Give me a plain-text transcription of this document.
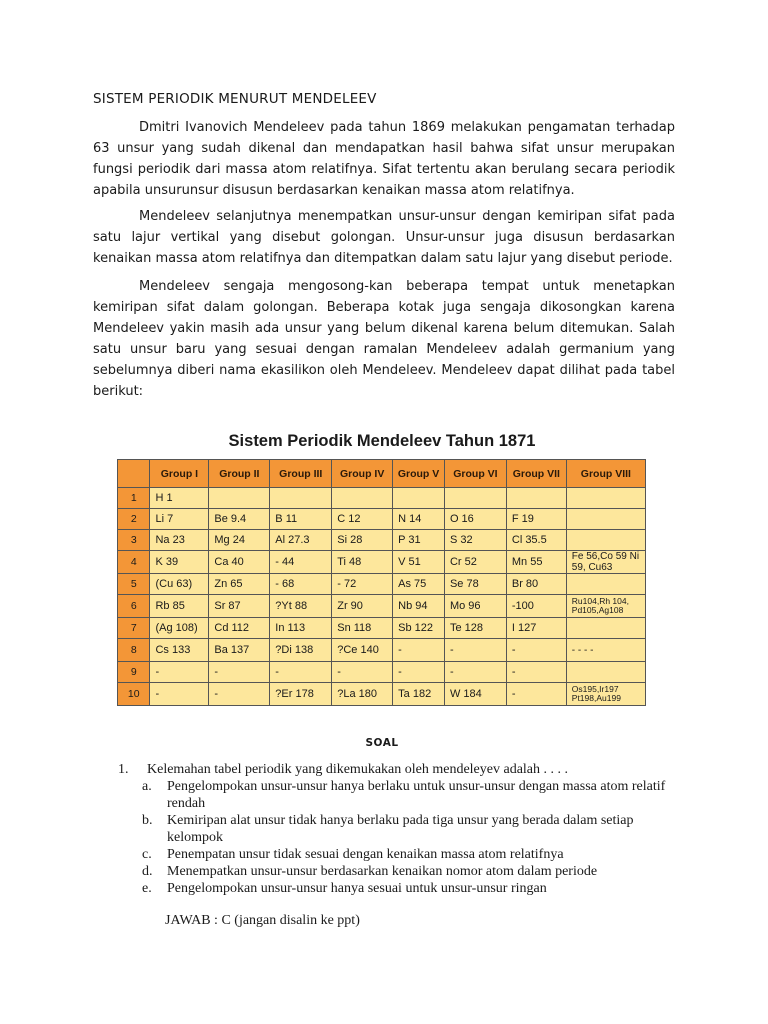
SISTEM PERIODIK MENURUT MENDELEEV

Dmitri Ivanovich Mendeleev pada tahun 1869 melakukan pengamatan terhadap 63 unsur yang sudah dikenal dan mendapatkan hasil bahwa sifat unsur merupakan fungsi periodik dari massa atom relatifnya. Sifat tertentu akan berulang secara periodik apabila unsurunsur disusun berdasarkan kenaikan massa atom relatifnya.

Mendeleev selanjutnya menempatkan unsur-unsur dengan kemiripan sifat pada satu lajur vertikal yang disebut golongan. Unsur-unsur juga disusun berdasarkan kenaikan massa atom relatifnya dan ditempatkan dalam satu lajur yang disebut periode.

Mendeleev sengaja mengosong-kan beberapa tempat untuk menetapkan kemiripan sifat dalam golongan. Beberapa kotak juga sengaja dikosongkan karena Mendeleev yakin masih ada unsur yang belum dikenal karena belum ditemukan. Salah satu unsur baru yang sesuai dengan ramalan Mendeleev adalah germanium yang sebelumnya diberi nama ekasilikon oleh Mendeleev. Mendeleev dapat dilihat pada tabel berikut:

Sistem Periodik Mendeleev Tahun 1871
	Group I	Group II	Group III	Group IV	Group V	Group VI	Group VII	Group VIII
1	H 1							
2	Li 7	Be 9.4	B 11	C 12	N 14	O 16	F 19	
3	Na 23	Mg 24	Al 27.3	Si 28	P 31	S 32	Cl 35.5	
4	K 39	Ca 40	- 44	Ti 48	V 51	Cr 52	Mn 55	Fe 56,Co 59 Ni 59, Cu63
5	(Cu 63)	Zn 65	- 68	- 72	As 75	Se 78	Br 80	
6	Rb 85	Sr 87	?Yt 88	Zr 90	Nb 94	Mo 96	-100	Ru104,Rh 104, Pd105,Ag108
7	(Ag 108)	Cd 112	In 113	Sn 118	Sb 122	Te 128	I 127	
8	Cs 133	Ba 137	?Di 138	?Ce 140	-	-	-	- - - -
9	-	-	-	-	-	-	-	
10	-	-	?Er 178	?La 180	Ta 182	W 184	-	Os195,Ir197 Pt198,Au199
SOAL
1.	Kelemahan tabel periodik yang dikemukakan oleh mendeleyev adalah . . . .
a.	Pengelompokan unsur-unsur hanya berlaku untuk unsur-unsur dengan massa atom relatif rendah
b.	Kemiripan alat unsur tidak hanya berlaku pada tiga unsur yang berada dalam setiap kelompok
c.	Penempatan unsur tidak sesuai dengan kenaikan massa atom relatifnya
d.	Menempatkan unsur-unsur berdasarkan kenaikan nomor atom dalam periode
e.	Pengelompokan unsur-unsur hanya sesuai untuk unsur-unsur ringan
JAWAB : C (jangan disalin ke ppt)
